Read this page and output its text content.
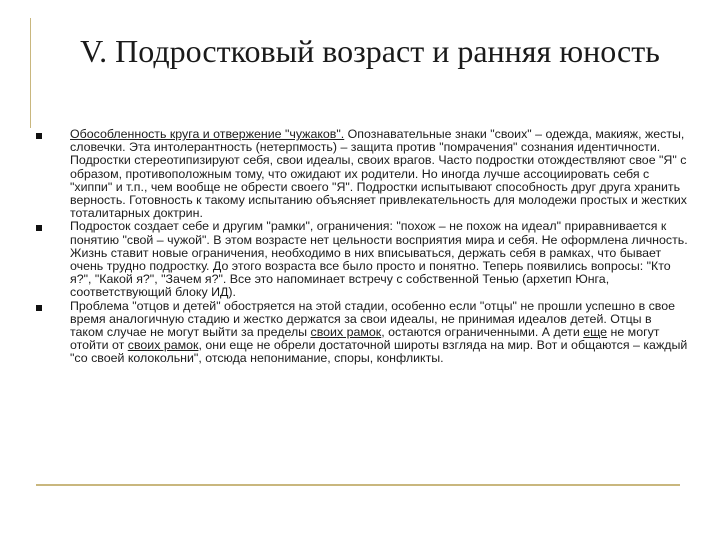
V. Подростковый возраст и ранняя юность
Обособленность круга и отвержение "чужаков". Опознавательные знаки "своих" – одежда, макияж, жесты, словечки. Эта интолерантность (нетерпмость) – защита против "помрачения" сознания идентичности. Подростки стереотипизируют себя, свои идеалы, своих врагов. Часто подростки отождествляют свое "Я" с образом, противоположным тому, что ожидают их родители. Но иногда лучше ассоциировать себя с "хиппи" и т.п., чем вообще не обрести своего "Я". Подростки испытывают способность друг друга хранить верность. Готовность к такому испытанию объясняет привлекательность для молодежи простых и жестких тоталитарных доктрин.
Подросток создает себе и другим "рамки", ограничения: "похож – не похож на идеал" приравнивается к понятию "свой – чужой". В этом возрасте нет цельности восприятия мира и себя. Не оформлена личность. Жизнь ставит новые ограничения, необходимо в них вписываться, держать себя в рамках, что бывает очень трудно подростку. До этого возраста все было просто и понятно. Теперь появились вопросы: "Кто я?", "Какой я?", "Зачем я?". Все это напоминает встречу с собственной Тенью (архетип Юнга, соответствующий блоку ИД).
Проблема "отцов и детей" обостряется на этой стадии, особенно если "отцы" не прошли успешно в свое время аналогичную стадию и жестко держатся за свои идеалы, не принимая идеалов детей. Отцы в таком случае не могут выйти за пределы своих рамок, остаются ограниченными. А дети еще не могут отойти от своих рамок, они еще не обрели достаточной широты взгляда на мир. Вот и общаются – каждый "со своей колокольни", отсюда непонимание, споры, конфликты.
